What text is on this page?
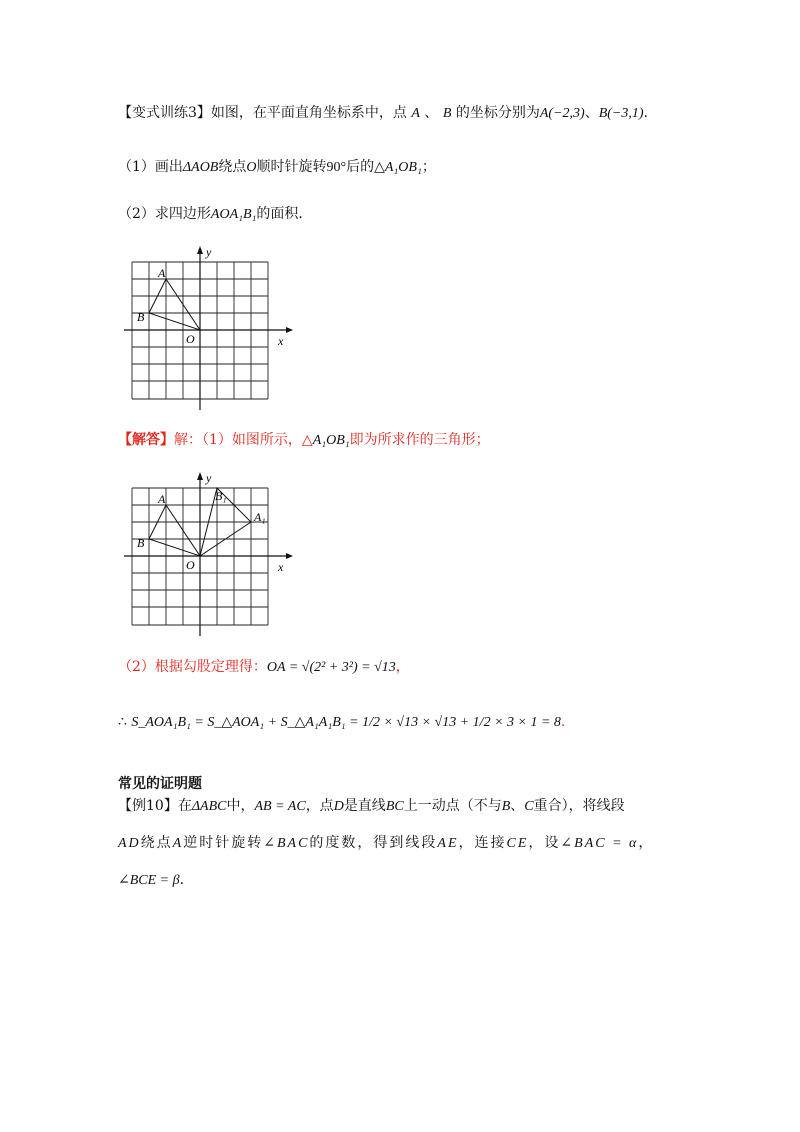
【变式训练3】如图，在平面直角坐标系中，点 A 、 B 的坐标分别为A(−2,3)、B(−3,1).
（1）画出ΔAOB绕点O顺时针旋转90°后的△A₁OB₁；
（2）求四边形AOA₁B₁的面积．
A
B
O	x
y
【解答】解：（1）如图所示，△A₁OB₁即为所求作的三角形；
A
B
O	x
y
B₁
A₁
（2）根据勾股定理得：OA = √(2² + 3²) = √13，
∴ S_AOA₁B₁ = S_△AOA₁ + S_△A₁A₁B₁ = 1/2 × √13 × √13 + 1/2 × 3 × 1 = 8.
常见的证明题
【例10】在ΔABC中，AB = AC，点D是直线BC上一动点（不与B、C重合），将线段
AD绕点A逆时针旋转∠BAC的度数，得到线段AE，连接CE，设∠BAC = α，
∠BCE = β.
